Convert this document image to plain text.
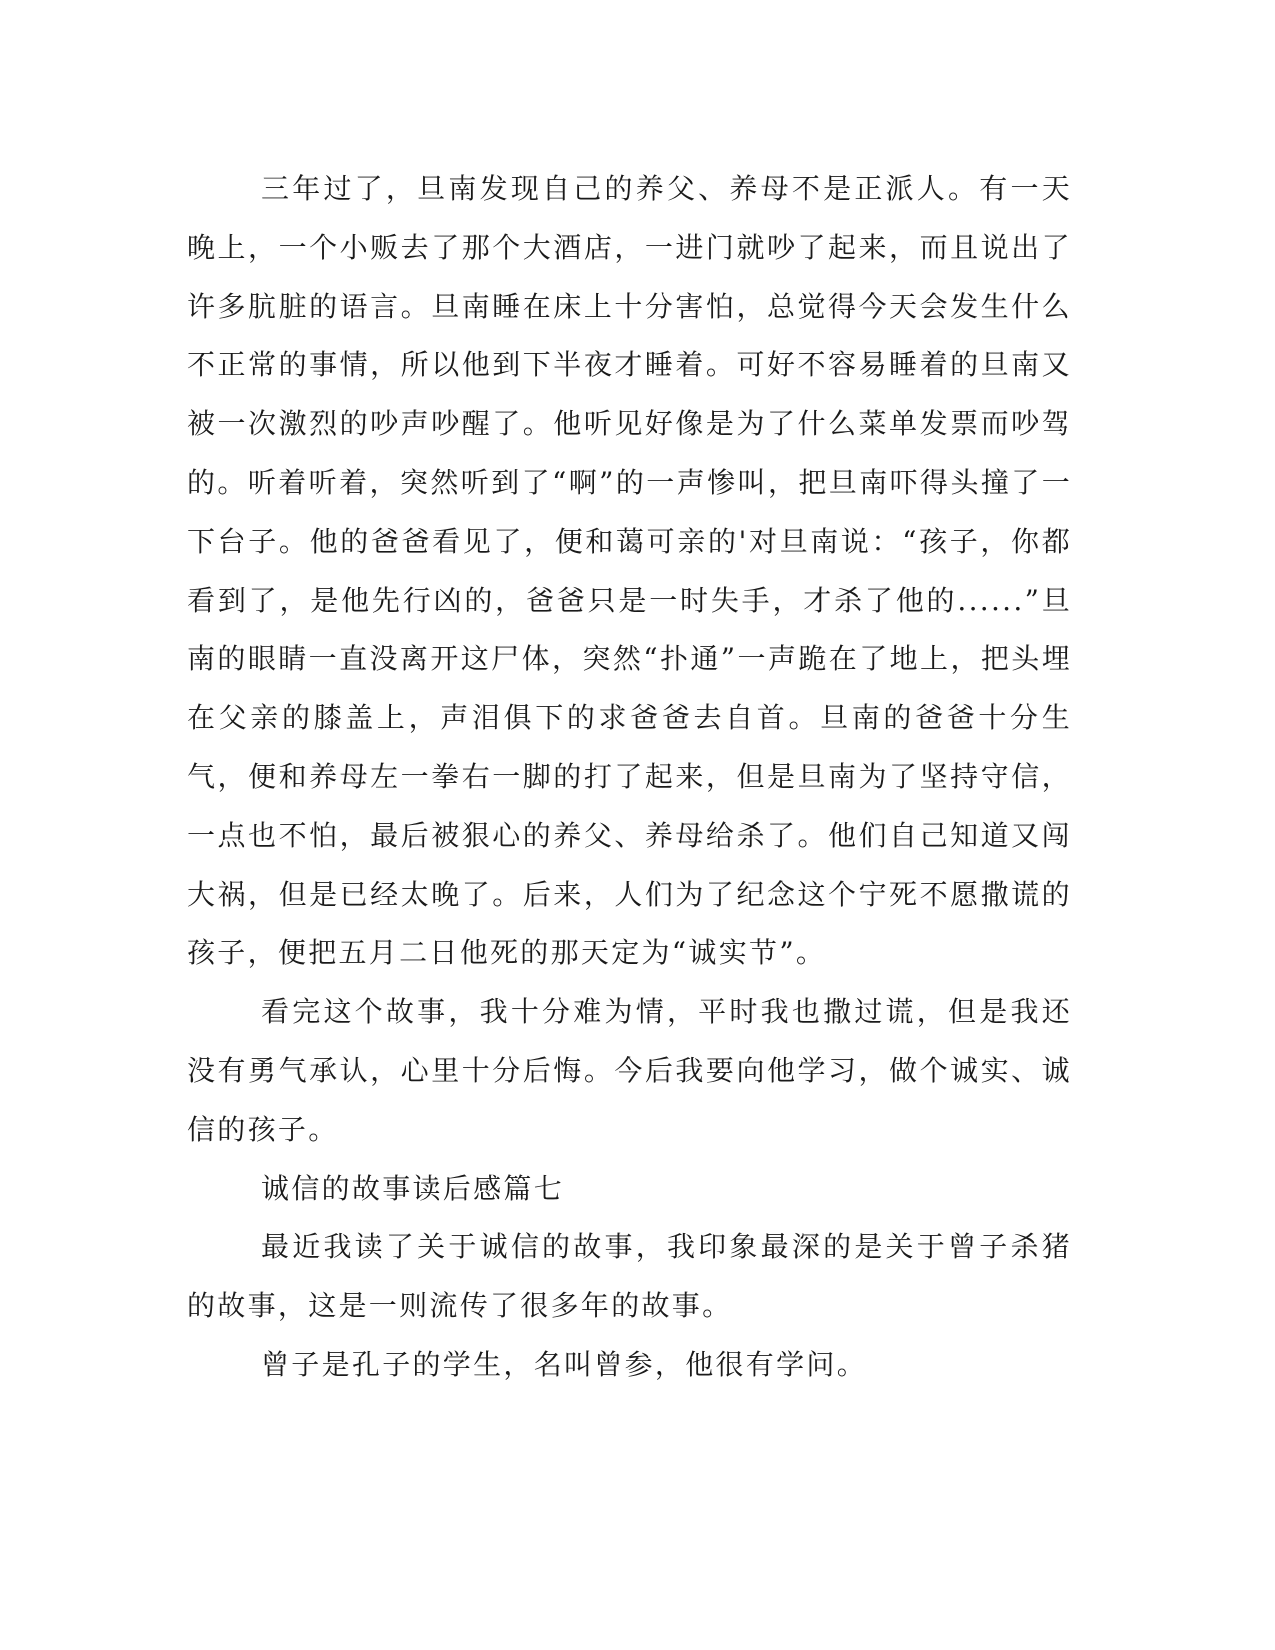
三年过了，旦南发现自己的养父、养母不是正派人。有一天晚上，一个小贩去了那个大酒店，一进门就吵了起来，而且说出了许多肮脏的语言。旦南睡在床上十分害怕，总觉得今天会发生什么不正常的事情，所以他到下半夜才睡着。可好不容易睡着的旦南又被一次激烈的吵声吵醒了。他听见好像是为了什么菜单发票而吵驾的。听着听着，突然听到了“啊”的一声惨叫，把旦南吓得头撞了一下台子。他的爸爸看见了，便和蔼可亲的'对旦南说：“孩子，你都看到了，是他先行凶的，爸爸只是一时失手，才杀了他的......”旦南的眼睛一直没离开这尸体，突然“扑通”一声跪在了地上，把头埋在父亲的膝盖上，声泪俱下的求爸爸去自首。旦南的爸爸十分生气，便和养母左一拳右一脚的打了起来，但是旦南为了坚持守信，一点也不怕，最后被狠心的养父、养母给杀了。他们自己知道又闯大祸，但是已经太晚了。后来，人们为了纪念这个宁死不愿撒谎的孩子，便把五月二日他死的那天定为“诚实节”。

看完这个故事，我十分难为情，平时我也撒过谎，但是我还没有勇气承认，心里十分后悔。今后我要向他学习，做个诚实、诚信的孩子。

诚信的故事读后感篇七

最近我读了关于诚信的故事，我印象最深的是关于曾子杀猪的故事，这是一则流传了很多年的故事。

曾子是孔子的学生，名叫曾参，他很有学问。
